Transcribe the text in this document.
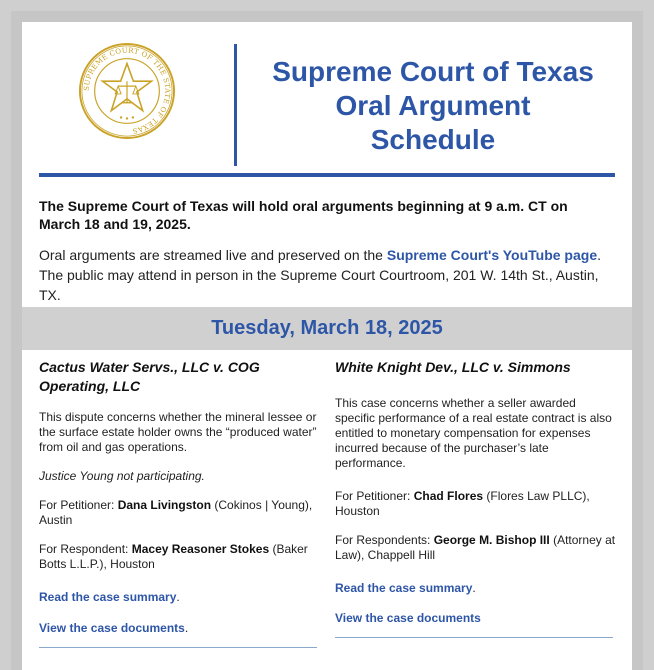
SUPREME COURT OF THE STATE OF TEXAS
Supreme Court of Texas
Oral Argument
Schedule
The Supreme Court of Texas will hold oral arguments beginning at 9 a.m. CT on March 18 and 19, 2025.
Oral arguments are streamed live and preserved on the Supreme Court's YouTube page. The public may attend in person in the Supreme Court Courtroom, 201 W. 14th St., Austin, TX.
Tuesday, March 18, 2025

Cactus Water Servs., LLC v. COG Operating, LLC

This dispute concerns whether the mineral lessee or the surface estate holder owns the “produced water” from oil and gas operations.

Justice Young not participating.

For Petitioner: Dana Livingston (Cokinos | Young), Austin

For Respondent: Macey Reasoner Stokes (Baker Botts L.L.P.), Houston

Read the case summary.

View the case documents.

White Knight Dev., LLC v. Simmons

This case concerns whether a seller awarded specific performance of a real estate contract is also entitled to monetary compensation for expenses incurred because of the purchaser’s late performance.

For Petitioner: Chad Flores (Flores Law PLLC), Houston

For Respondents: George M. Bishop III (Attorney at Law), Chappell Hill

Read the case summary.

View the case documents
